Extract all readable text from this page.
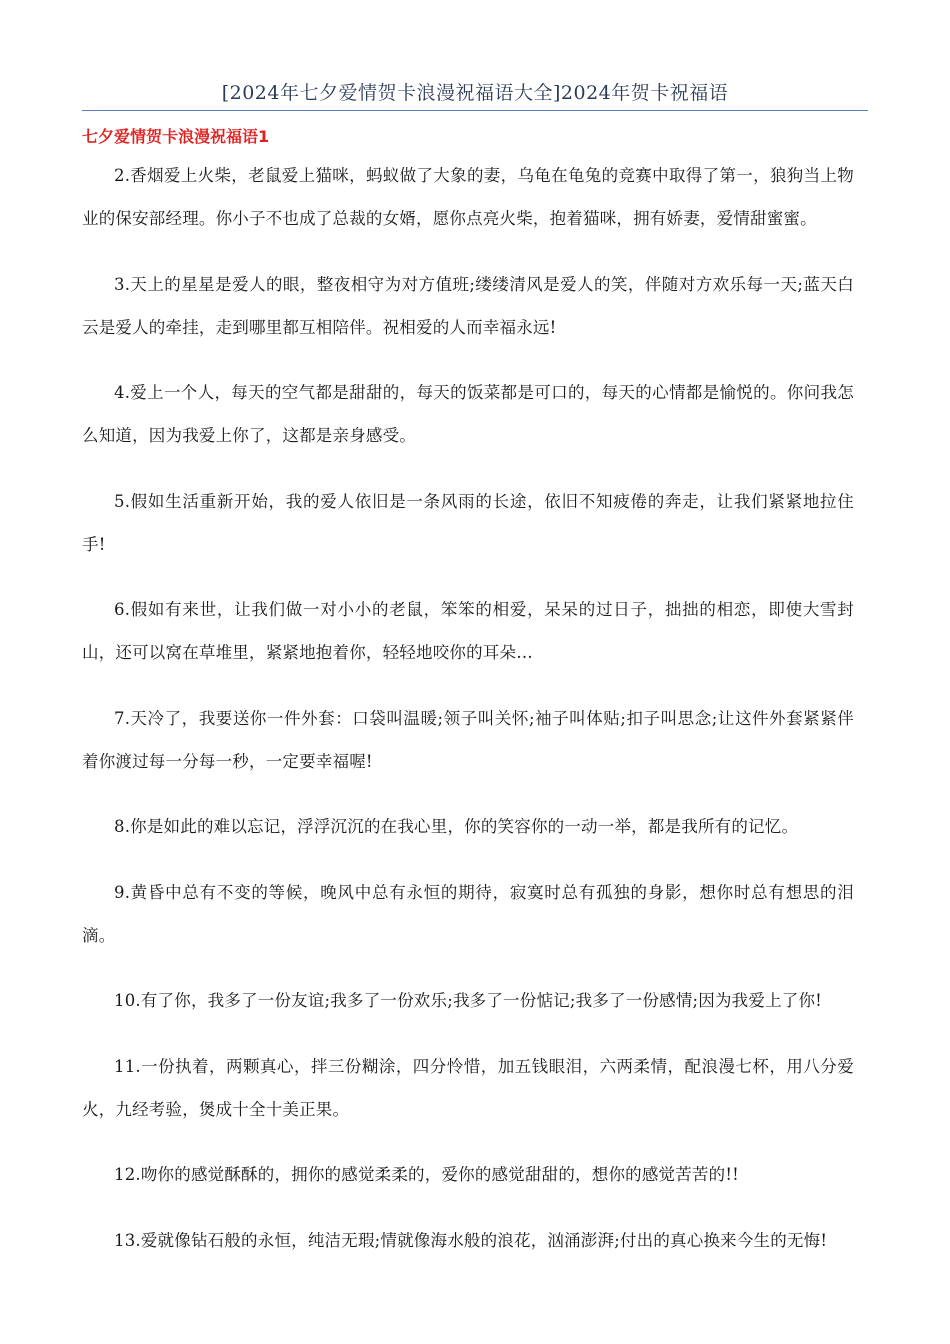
[2024年七夕爱情贺卡浪漫祝福语大全]2024年贺卡祝福语
七夕爱情贺卡浪漫祝福语1

2.香烟爱上火柴，老鼠爱上猫咪，蚂蚁做了大象的妻，乌龟在龟兔的竞赛中取得了第一，狼狗当上物业的保安部经理。你小子不也成了总裁的女婿，愿你点亮火柴，抱着猫咪，拥有娇妻，爱情甜蜜蜜。

3.天上的星星是爱人的眼，整夜相守为对方值班;缕缕清风是爱人的笑，伴随对方欢乐每一天;蓝天白云是爱人的牵挂，走到哪里都互相陪伴。祝相爱的人而幸福永远!

4.爱上一个人，每天的空气都是甜甜的，每天的饭菜都是可口的，每天的心情都是愉悦的。你问我怎么知道，因为我爱上你了，这都是亲身感受。

5.假如生活重新开始，我的爱人依旧是一条风雨的长途，依旧不知疲倦的奔走，让我们紧紧地拉住手!

6.假如有来世，让我们做一对小小的老鼠，笨笨的相爱，呆呆的过日子，拙拙的相恋，即使大雪封山，还可以窝在草堆里，紧紧地抱着你，轻轻地咬你的耳朵…

7.天冷了，我要送你一件外套：口袋叫温暖;领子叫关怀;袖子叫体贴;扣子叫思念;让这件外套紧紧伴着你渡过每一分每一秒，一定要幸福喔!

8.你是如此的难以忘记，浮浮沉沉的在我心里，你的笑容你的一动一举，都是我所有的记忆。

9.黄昏中总有不变的等候，晚风中总有永恒的期待，寂寞时总有孤独的身影，想你时总有想思的泪滴。

10.有了你，我多了一份友谊;我多了一份欢乐;我多了一份惦记;我多了一份感情;因为我爱上了你!

11.一份执着，两颗真心，拌三份糊涂，四分怜惜，加五钱眼泪，六两柔情，配浪漫七杯，用八分爱火，九经考验，煲成十全十美正果。

12.吻你的感觉酥酥的，拥你的感觉柔柔的，爱你的感觉甜甜的，想你的感觉苦苦的!!

13.爱就像钻石般的永恒，纯洁无瑕;情就像海水般的浪花，汹涌澎湃;付出的真心换来今生的无悔!
